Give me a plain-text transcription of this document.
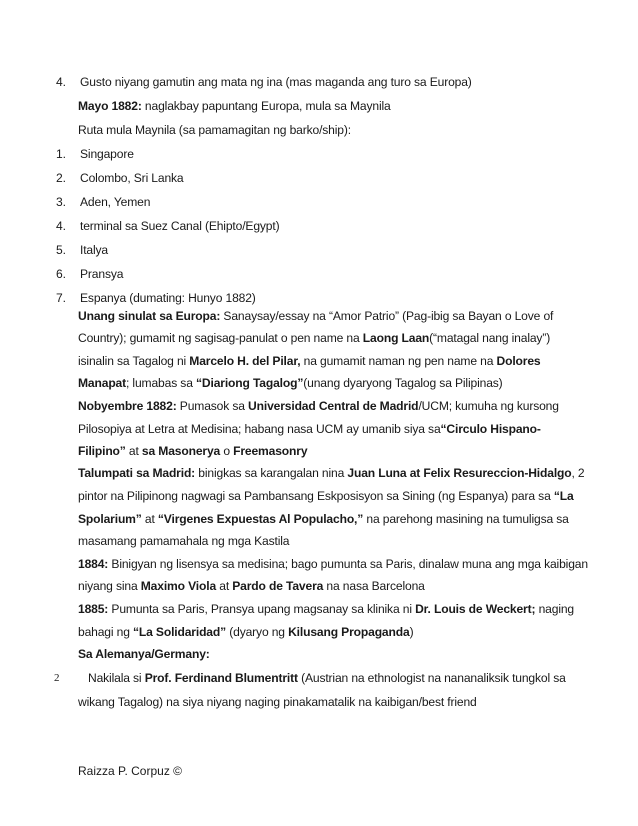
4. Gusto niyang gamutin ang mata ng ina (mas maganda ang turo sa Europa)
Mayo 1882: naglakbay papuntang Europa, mula sa Maynila
Ruta mula Maynila (sa pamamagitan ng barko/ship):
1. Singapore
2. Colombo, Sri Lanka
3. Aden, Yemen
4. terminal sa Suez Canal (Ehipto/Egypt)
5. Italya
6. Pransya
7. Espanya (dumating: Hunyo 1882)
Unang sinulat sa Europa: Sanaysay/essay na “Amor Patrio” (Pag-ibig sa Bayan o Love of
Country); gumamit ng sagisag-panulat o pen name na Laong Laan(“matagal nang inalay”)
isinalin sa Tagalog ni Marcelo H. del Pilar, na gumamit naman ng pen name na Dolores
Manapat; lumabas sa “Diariong Tagalog”(unang dyaryong Tagalog sa Pilipinas)
Nobyembre 1882: Pumasok sa Universidad Central de Madrid/UCM; kumuha ng kursong
Pilosopiya at Letra at Medisina; habang nasa UCM ay umanib siya sa“Circulo Hispano-
Filipino” at sa Masonerya o Freemasonry
Talumpati sa Madrid: binigkas sa karangalan nina Juan Luna at Felix Resureccion-Hidalgo, 2
pintor na Pilipinong nagwagi sa Pambansang Eskposisyon sa Sining (ng Espanya) para sa “La
Spolarium” at “Virgenes Expuestas Al Populacho,” na parehong masining na tumuligsa sa
masamang pamamahala ng mga Kastila
1884: Binigyan ng lisensya sa medisina; bago pumunta sa Paris, dinalaw muna ang mga kaibigan
niyang sina Maximo Viola at Pardo de Tavera na nasa Barcelona
1885: Pumunta sa Paris, Pransya upang magsanay sa klinika ni Dr. Louis de Weckert; naging
bahagi ng “La Solidaridad” (dyaryo ng Kilusang Propaganda)
Sa Alemanya/Germany:
2 Nakilala si Prof. Ferdinand Blumentritt (Austrian na ethnologist na nananaliksik tungkol sa
wikang Tagalog) na siya niyang naging pinakamatalik na kaibigan/best friend
Raizza P. Corpuz ©
